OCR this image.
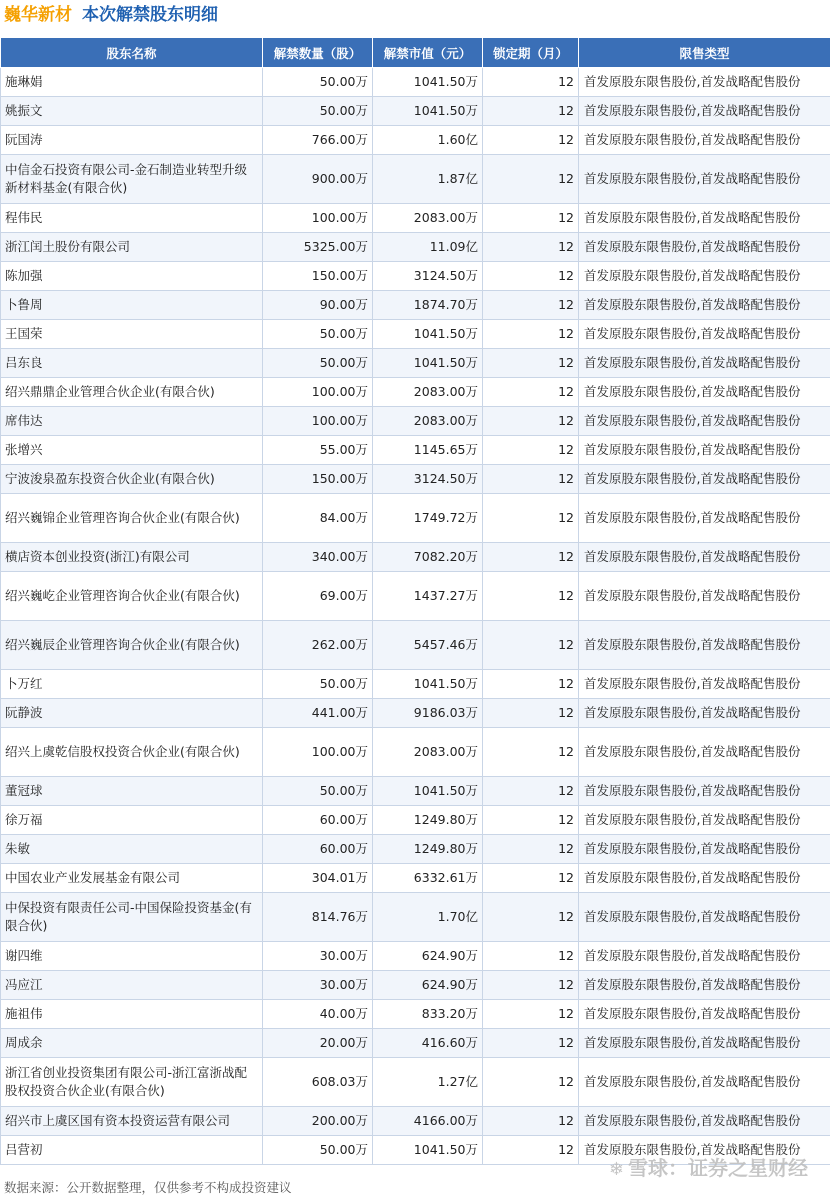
巍华新材 本次解禁股东明细
股东名称	解禁数量（股）	解禁市值（元）	锁定期（月）	限售类型
施琳娟	50.00万	1041.50万	12	首发原股东限售股份,首发战略配售股份
姚振文	50.00万	1041.50万	12	首发原股东限售股份,首发战略配售股份
阮国涛	766.00万	1.60亿	12	首发原股东限售股份,首发战略配售股份
中信金石投资有限公司-金石制造业转型升级新材料基金(有限合伙)	900.00万	1.87亿	12	首发原股东限售股份,首发战略配售股份
程伟民	100.00万	2083.00万	12	首发原股东限售股份,首发战略配售股份
浙江闰土股份有限公司	5325.00万	11.09亿	12	首发原股东限售股份,首发战略配售股份
陈加强	150.00万	3124.50万	12	首发原股东限售股份,首发战略配售股份
卜鲁周	90.00万	1874.70万	12	首发原股东限售股份,首发战略配售股份
王国荣	50.00万	1041.50万	12	首发原股东限售股份,首发战略配售股份
吕东良	50.00万	1041.50万	12	首发原股东限售股份,首发战略配售股份
绍兴鼎鼎企业管理合伙企业(有限合伙)	100.00万	2083.00万	12	首发原股东限售股份,首发战略配售股份
席伟达	100.00万	2083.00万	12	首发原股东限售股份,首发战略配售股份
张增兴	55.00万	1145.65万	12	首发原股东限售股份,首发战略配售股份
宁波浚泉盈东投资合伙企业(有限合伙)	150.00万	3124.50万	12	首发原股东限售股份,首发战略配售股份
绍兴巍锦企业管理咨询合伙企业(有限合伙)	84.00万	1749.72万	12	首发原股东限售股份,首发战略配售股份
横店资本创业投资(浙江)有限公司	340.00万	7082.20万	12	首发原股东限售股份,首发战略配售股份
绍兴巍屹企业管理咨询合伙企业(有限合伙)	69.00万	1437.27万	12	首发原股东限售股份,首发战略配售股份
绍兴巍辰企业管理咨询合伙企业(有限合伙)	262.00万	5457.46万	12	首发原股东限售股份,首发战略配售股份
卜万红	50.00万	1041.50万	12	首发原股东限售股份,首发战略配售股份
阮静波	441.00万	9186.03万	12	首发原股东限售股份,首发战略配售股份
绍兴上虞乾信股权投资合伙企业(有限合伙)	100.00万	2083.00万	12	首发原股东限售股份,首发战略配售股份
董冠球	50.00万	1041.50万	12	首发原股东限售股份,首发战略配售股份
徐万福	60.00万	1249.80万	12	首发原股东限售股份,首发战略配售股份
朱敏	60.00万	1249.80万	12	首发原股东限售股份,首发战略配售股份
中国农业产业发展基金有限公司	304.01万	6332.61万	12	首发原股东限售股份,首发战略配售股份
中保投资有限责任公司-中国保险投资基金(有限合伙)	814.76万	1.70亿	12	首发原股东限售股份,首发战略配售股份
谢四维	30.00万	624.90万	12	首发原股东限售股份,首发战略配售股份
冯应江	30.00万	624.90万	12	首发原股东限售股份,首发战略配售股份
施祖伟	40.00万	833.20万	12	首发原股东限售股份,首发战略配售股份
周成余	20.00万	416.60万	12	首发原股东限售股份,首发战略配售股份
浙江省创业投资集团有限公司-浙江富浙战配股权投资合伙企业(有限合伙)	608.03万	1.27亿	12	首发原股东限售股份,首发战略配售股份
绍兴市上虞区国有资本投资运营有限公司	200.00万	4166.00万	12	首发原股东限售股份,首发战略配售股份
吕营初	50.00万	1041.50万	12	首发原股东限售股份,首发战略配售股份
数据来源：公开数据整理，仅供参考不构成投资建议
❄ 雪球：证券之星财经
